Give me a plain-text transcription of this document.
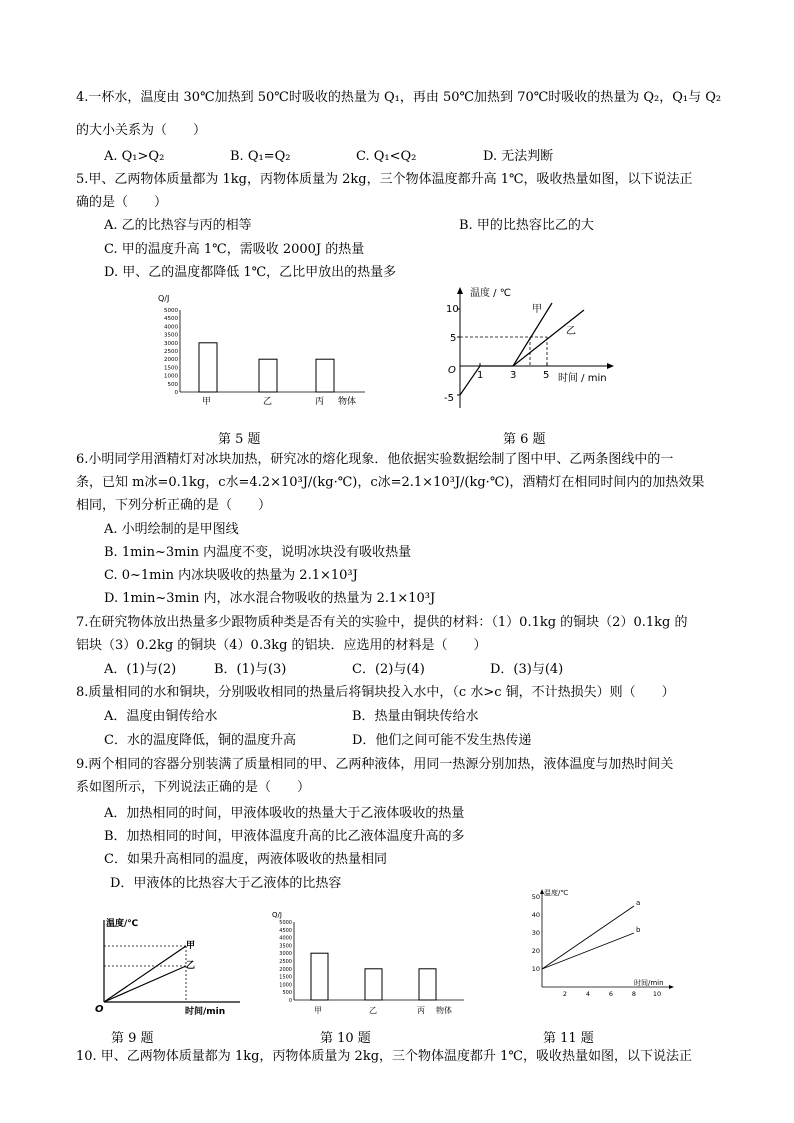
4.一杯水，温度由 30℃加热到 50℃时吸收的热量为 Q₁，再由 50℃加热到 70℃时吸收的热量为 Q₂，Q₁与 Q₂
的大小关系为（　　）
A. Q₁>Q₂	B. Q₁=Q₂	C. Q₁<Q₂	D. 无法判断
5.甲、乙两物体质量都为 1kg，丙物体质量为 2kg，三个物体温度都升高 1℃，吸收热量如图，以下说法正
确的是（　　）
A. 乙的比热容与丙的相等	B. 甲的比热容比乙的大
C. 甲的温度升高 1℃，需吸收 2000J 的热量
D. 甲、乙的温度都降低 1℃，乙比甲放出的热量多
Q/J
5000
4500
4000
3500
3000
2500
2000
1500
1000
500
0
甲	乙	丙 物体
第 5 题
温度 / ℃
时间 / min
10
5
O
-5
1	3	5
甲
乙
第 6 题
6.小明同学用酒精灯对冰块加热，研究冰的熔化现象．他依据实验数据绘制了图中甲、乙两条图线中的一
条，已知 m冰=0.1kg，c水=4.2×10³J/(kg·℃)，c冰=2.1×10³J/(kg·℃)，酒精灯在相同时间内的加热效果
相同，下列分析正确的是（　　）
A. 小明绘制的是甲图线
B. 1min~3min 内温度不变，说明冰块没有吸收热量
C. 0~1min 内冰块吸收的热量为 2.1×10³J
D. 1min~3min 内，冰水混合物吸收的热量为 2.1×10³J
7.在研究物体放出热量多少跟物质种类是否有关的实验中，提供的材料：（1）0.1kg 的铜块（2）0.1kg 的
铝块（3）0.2kg 的铜块（4）0.3kg 的铝块．应选用的材料是（　　）
A．(1)与(2)	B．(1)与(3)	C．(2)与(4)	D．(3)与(4)
8.质量相同的水和铜块，分别吸收相同的热量后将铜块投入水中，（c 水>c 铜，不计热损失）则（　　）
A．温度由铜传给水	B．热量由铜块传给水
C．水的温度降低，铜的温度升高	D．他们之间可能不发生热传递
9.两个相同的容器分别装满了质量相同的甲、乙两种液体，用同一热源分别加热，液体温度与加热时间关
系如图所示，下列说法正确的是（　　）
A．加热相同的时间，甲液体吸收的热量大于乙液体吸收的热量
B．加热相同的时间，甲液体温度升高的比乙液体温度升高的多
C．如果升高相同的温度，两液体吸收的热量相同
D．甲液体的比热容大于乙液体的比热容
温度/℃
时间/min
O
甲
乙
第 9 题
Q/J
5000
4500
4000
3500
3000
2500
2000
1500
1000
500
0
甲	乙	丙 物体
第 10 题
温度/℃
时间/min
2	4	6	8	10
50
40
30
20
10
a
b
第 11 题
10. 甲、乙两物体质量都为 1kg，丙物体质量为 2kg，三个物体温度都升 1℃，吸收热量如图，以下说法正
